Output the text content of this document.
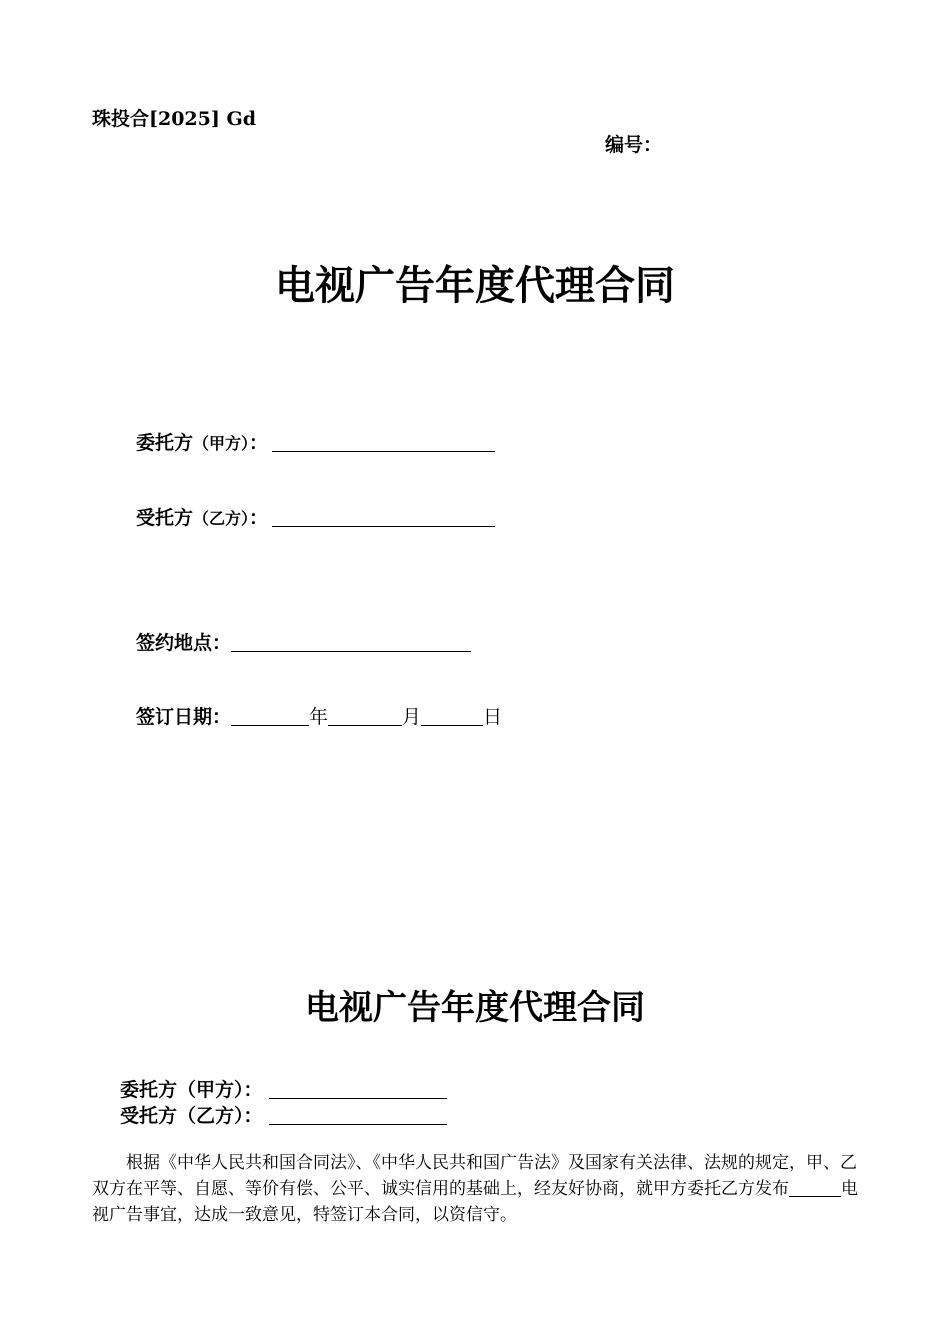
珠投合[2025] Gd
编号：
电视广告年度代理合同
委托方（甲方）：
受托方（乙方）：
签约地点：
签订日期：	年	月	日
电视广告年度代理合同
委托方（甲方）：
受托方（乙方）：
根据《中华人民共和国合同法》、《中华人民共和国广告法》及国家有关法律、法规的规定，甲、乙双方在平等、自愿、等价有偿、公平、诚实信用的基础上，经友好协商，就甲方委托乙方发布	电视广告事宜，达成一致意见，特签订本合同，以资信守。
